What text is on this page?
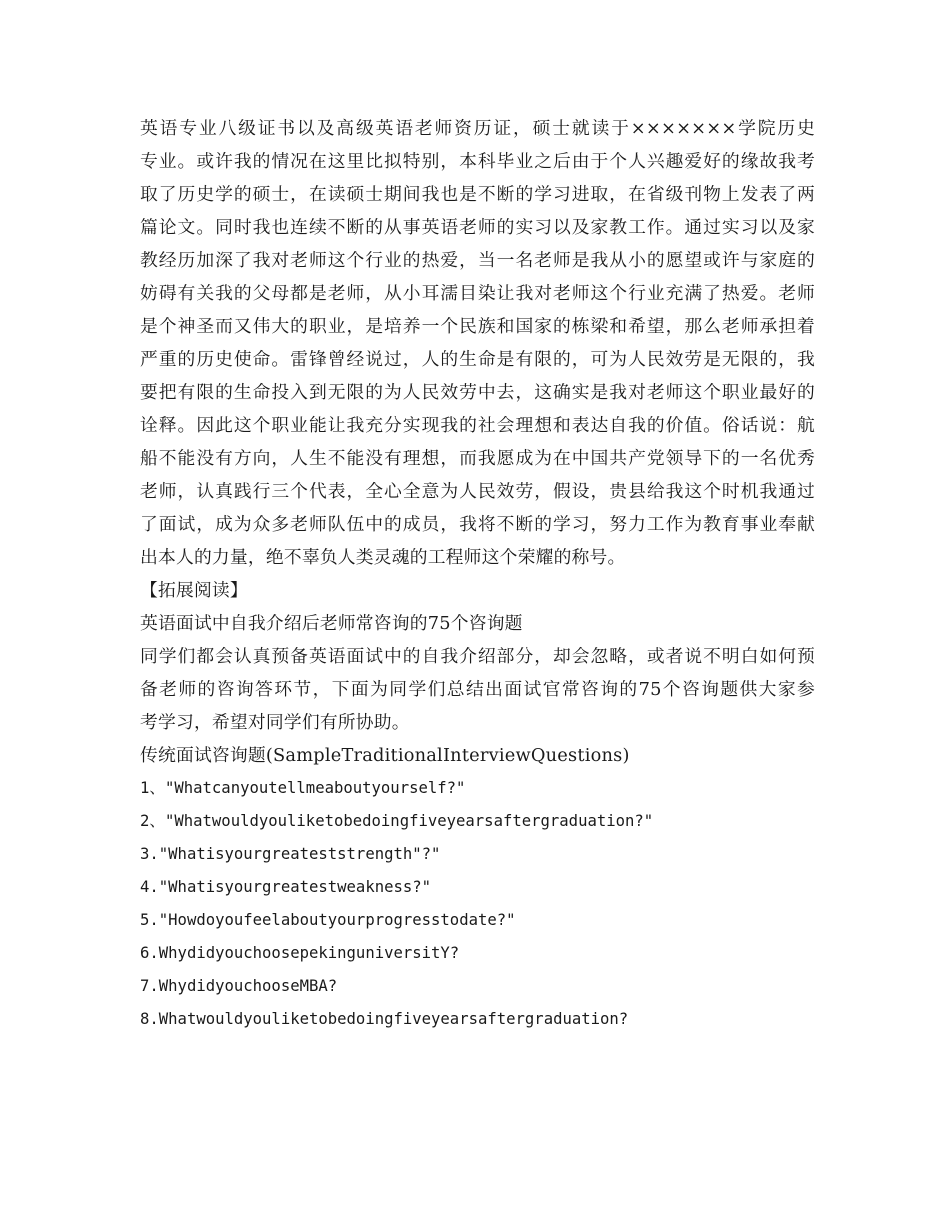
英语专业八级证书以及高级英语老师资历证，硕士就读于×××××××学院历史
专业。或许我的情况在这里比拟特别，本科毕业之后由于个人兴趣爱好的缘故我考
取了历史学的硕士，在读硕士期间我也是不断的学习进取，在省级刊物上发表了两
篇论文。同时我也连续不断的从事英语老师的实习以及家教工作。通过实习以及家
教经历加深了我对老师这个行业的热爱，当一名老师是我从小的愿望或许与家庭的
妨碍有关我的父母都是老师，从小耳濡目染让我对老师这个行业充满了热爱。老师
是个神圣而又伟大的职业，是培养一个民族和国家的栋梁和希望，那么老师承担着
严重的历史使命。雷锋曾经说过，人的生命是有限的，可为人民效劳是无限的，我
要把有限的生命投入到无限的为人民效劳中去，这确实是我对老师这个职业最好的
诠释。因此这个职业能让我充分实现我的社会理想和表达自我的价值。俗话说：航
船不能没有方向，人生不能没有理想，而我愿成为在中国共产党领导下的一名优秀
老师，认真践行三个代表，全心全意为人民效劳，假设，贵县给我这个时机我通过
了面试，成为众多老师队伍中的成员，我将不断的学习，努力工作为教育事业奉献
出本人的力量，绝不辜负人类灵魂的工程师这个荣耀的称号。
【拓展阅读】
英语面试中自我介绍后老师常咨询的75个咨询题
同学们都会认真预备英语面试中的自我介绍部分，却会忽略，或者说不明白如何预
备老师的咨询答环节，下面为同学们总结出面试官常咨询的75个咨询题供大家参
考学习，希望对同学们有所协助。
传统面试咨询题(SampleTraditionalInterviewQuestions)
1、"Whatcanyoutellmeaboutyourself?"
2、"Whatwouldyouliketobedoingfiveyearsaftergraduation?"
3."Whatisyourgreateststrength"?"
4."Whatisyourgreatestweakness?"
5."Howdoyoufeelaboutyourprogresstodate?"
6.WhydidyouchoosepekinguniversitY?
7.WhydidyouchooseMBA?
8.Whatwouldyouliketobedoingfiveyearsaftergraduation?
